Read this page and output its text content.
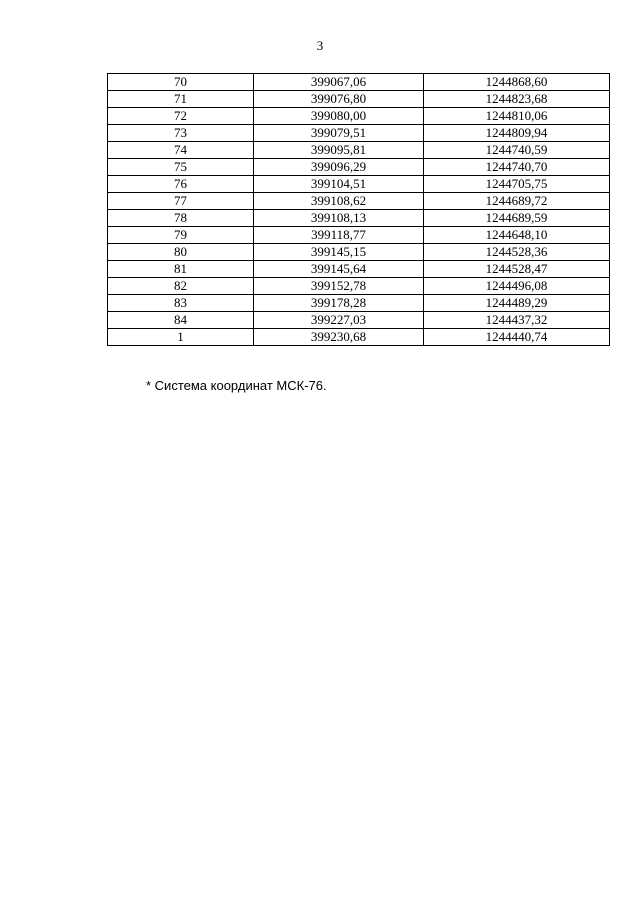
3
70	399067,06	1244868,60
71	399076,80	1244823,68
72	399080,00	1244810,06
73	399079,51	1244809,94
74	399095,81	1244740,59
75	399096,29	1244740,70
76	399104,51	1244705,75
77	399108,62	1244689,72
78	399108,13	1244689,59
79	399118,77	1244648,10
80	399145,15	1244528,36
81	399145,64	1244528,47
82	399152,78	1244496,08
83	399178,28	1244489,29
84	399227,03	1244437,32
1	399230,68	1244440,74
* Система координат МСК-76.
